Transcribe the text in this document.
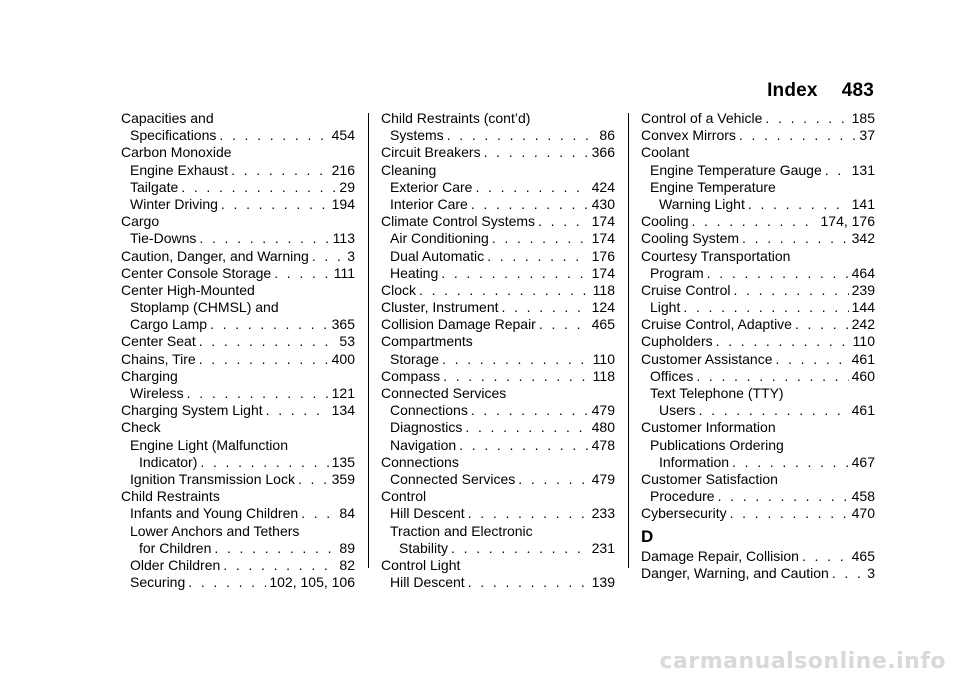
Index 483
Capacities and
Specifications . . .	454
Carbon Monoxide
Engine Exhaust . . .	216
Tailgate . . .	29
Winter Driving . . .	194
Cargo
Tie-Downs . . .	113
Caution, Danger, and Warning . . .	3
Center Console Storage . . .	111
Center High-Mounted
Stoplamp (CHMSL) and
Cargo Lamp . . .	365
Center Seat . . .	53
Chains, Tire . . .	400
Charging
Wireless . . .	121
Charging System Light . . .	134
Check
Engine Light (Malfunction
Indicator) . . .	135
Ignition Transmission Lock . . .	359
Child Restraints
Infants and Young Children . . .	84
Lower Anchors and Tethers
for Children . . .	89
Older Children . . .	82
Securing . . .	102, 105, 106
Child Restraints (cont’d)
Systems . . .	86
Circuit Breakers . . .	366
Cleaning
Exterior Care . . .	424
Interior Care . . .	430
Climate Control Systems . . .	174
Air Conditioning . . .	174
Dual Automatic . . .	176
Heating . . .	174
Clock . . .	118
Cluster, Instrument . . .	124
Collision Damage Repair . . .	465
Compartments
Storage . . .	110
Compass . . .	118
Connected Services
Connections . . .	479
Diagnostics . . .	480
Navigation . . .	478
Connections
Connected Services . . .	479
Control
Hill Descent . . .	233
Traction and Electronic
Stability . . .	231
Control Light
Hill Descent . . .	139
Control of a Vehicle . . .	185
Convex Mirrors . . .	37
Coolant
Engine Temperature Gauge . . . 131
Engine Temperature
Warning Light . . .	141
Cooling . . .	174, 176
Cooling System . . .	342
Courtesy Transportation
Program . . .	464
Cruise Control . . .	239
Light . . .	144
Cruise Control, Adaptive . . .	242
Cupholders . . .	110
Customer Assistance . . .	461
Offices . . .	460
Text Telephone (TTY)
Users . . .	461
Customer Information
Publications Ordering
Information . . .	467
Customer Satisfaction
Procedure . . .	458
Cybersecurity . . .	470
D
Damage Repair, Collision . . .	465
Danger, Warning, and Caution . . .	3
carmanualsonline.info
